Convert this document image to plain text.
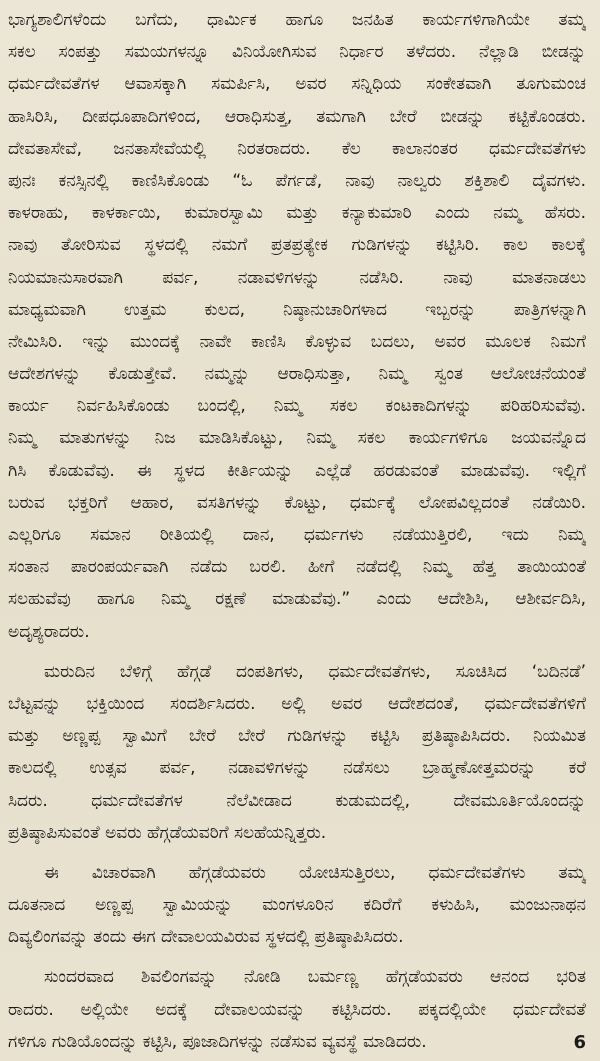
ಭಾಗ್ಯಶಾಲಿಗಳೆಂದು ಬಗೆದು, ಧಾರ್ಮಿಕ ಹಾಗೂ ಜನಹಿತ ಕಾರ್ಯಗಳಿಗಾಗಿಯೇ ತಮ್ಮ
ಸಕಲ ಸಂಪತ್ತು ಸಮಯಗಳನ್ನೂ ವಿನಿಯೋಗಿಸುವ ನಿರ್ಧಾರ ತಳೆದರು. ನೆಲ್ಲಾಡಿ ಬೀಡನ್ನು
ಧರ್ಮದೇವತೆಗಳ ಆವಾಸಕ್ಕಾಗಿ ಸಮರ್ಪಿಸಿ, ಅವರ ಸನ್ನಿಧಿಯ ಸಂಕೇತವಾಗಿ ತೂಗುಮಂಚ
ಹಾಸಿರಿಸಿ, ದೀಪಧೂಪಾದಿಗಳಿಂದ, ಆರಾಧಿಸುತ್ತ, ತಮಗಾಗಿ ಬೇರೆ ಬೀಡನ್ನು ಕಟ್ಟಿಕೊಂಡರು.
ದೇವತಾಸೇವೆ, ಜನತಾಸೇವೆಯಲ್ಲಿ ನಿರತರಾದರು. ಕೆಲ ಕಾಲಾನಂತರ ಧರ್ಮದೇವತೆಗಳು
ಪುನಃ ಕನಸ್ಸಿನಲ್ಲಿ ಕಾಣಿಸಿಕೊಂಡು “ಓ ಪೆರ್ಗಡೆ, ನಾವು ನಾಲ್ವರು ಶಕ್ತಿಶಾಲಿ ದೈವಗಳು.
ಕಾಳರಾಹು, ಕಾಳರ್ಕಾಯಿ, ಕುಮಾರಸ್ವಾಮಿ ಮತ್ತು ಕನ್ಯಾಕುಮಾರಿ ಎಂದು ನಮ್ಮ ಹೆಸರು.
ನಾವು ತೋರಿಸುವ ಸ್ಥಳದಲ್ಲಿ ನಮಗೆ ಪ್ರತಪ್ರತ್ಯೇಕ ಗುಡಿಗಳನ್ನು ಕಟ್ಟಿಸಿರಿ. ಕಾಲ ಕಾಲಕ್ಕೆ
ನಿಯಮಾನುಸಾರವಾಗಿ ಪರ್ವ, ನಡಾವಳಿಗಳನ್ನು ನಡೆಸಿರಿ. ನಾವು ಮಾತನಾಡಲು
ಮಾಧ್ಯಮವಾಗಿ ಉತ್ತಮ ಕುಲದ, ನಿಷ್ಠಾನುಚಾರಿಗಳಾದ ಇಬ್ಬರನ್ನು ಪಾತ್ರಿಗಳನ್ನಾಗಿ
ನೇಮಿಸಿರಿ. ಇನ್ನು ಮುಂದಕ್ಕೆ ನಾವೇ ಕಾಣಿಸಿ ಕೊಳ್ಳುವ ಬದಲು, ಅವರ ಮೂಲಕ ನಿಮಗೆ
ಆದೇಶಗಳನ್ನು ಕೊಡುತ್ತೇವೆ. ನಮ್ಮನ್ನು ಆರಾಧಿಸುತ್ತಾ, ನಿಮ್ಮ ಸ್ವಂತ ಆಲೋಚನೆಯಂತೆ
ಕಾರ್ಯ ನಿರ್ವಹಿಸಿಕೊಂಡು ಬಂದಲ್ಲಿ, ನಿಮ್ಮ ಸಕಲ ಕಂಟಕಾದಿಗಳನ್ನು ಪರಿಹರಿಸುವೆವು.
ನಿಮ್ಮ ಮಾತುಗಳನ್ನು ನಿಜ ಮಾಡಿಸಿಕೊಟ್ಟು, ನಿಮ್ಮ ಸಕಲ ಕಾರ್ಯಗಳಿಗೂ ಜಯವನ್ನೊದ
ಗಿಸಿ ಕೊಡುವೆವು. ಈ ಸ್ಥಳದ ಕೀರ್ತಿಯನ್ನು ಎಲ್ಲೆಡೆ ಹರಡುವಂತೆ ಮಾಡುವೆವು. ಇಲ್ಲಿಗೆ
ಬರುವ ಭಕ್ತರಿಗೆ ಆಹಾರ, ವಸತಿಗಳನ್ನು ಕೊಟ್ಟು, ಧರ್ಮಕ್ಕೆ ಲೋಪವಿಲ್ಲದಂತೆ ನಡೆಯಿರಿ.
ಎಲ್ಲರಿಗೂ ಸಮಾನ ರೀತಿಯಲ್ಲಿ ದಾನ, ಧರ್ಮಗಳು ನಡೆಯುತ್ತಿರಲಿ, ಇದು ನಿಮ್ಮ
ಸಂತಾನ ಪಾರಂಪರ್ಯವಾಗಿ ನಡೆದು ಬರಲಿ. ಹೀಗೆ ನಡೆದಲ್ಲಿ ನಿಮ್ಮ ಹೆತ್ತ ತಾಯಿಯಂತೆ
ಸಲಹುವೆವು ಹಾಗೂ ನಿಮ್ಮ ರಕ್ಷಣೆ ಮಾಡುವೆವು.” ಎಂದು ಆದೇಶಿಸಿ, ಆಶೀರ್ವದಿಸಿ,
ಅದೃಶ್ಯರಾದರು.
ಮರುದಿನ ಬೆಳಿಗ್ಗೆ ಹೆಗ್ಗಡೆ ದಂಪತಿಗಳು, ಧರ್ಮದೇವತೆಗಳು, ಸೂಚಿಸಿದ ‘ಬದಿನಡೆ’
ಬೆಟ್ಟವನ್ನು ಭಕ್ತಿಯಿಂದ ಸಂದರ್ಶಿಸಿದರು. ಅಲ್ಲಿ ಅವರ ಆದೇಶದಂತೆ, ಧರ್ಮದೇವತೆಗಳಿಗೆ
ಮತ್ತು ಅಣ್ಣಪ್ಪ ಸ್ವಾಮಿಗೆ ಬೇರೆ ಬೇರೆ ಗುಡಿಗಳನ್ನು ಕಟ್ಟಿಸಿ ಪ್ರತಿಷ್ಠಾಪಿಸಿದರು. ನಿಯಮಿತ
ಕಾಲದಲ್ಲಿ ಉತ್ಸವ ಪರ್ವ, ನಡಾವಳಿಗಳನ್ನು ನಡೆಸಲು ಬ್ರಾಹ್ಮಣೋತ್ತಮರನ್ನು ಕರೆ
ಸಿದರು. ಧರ್ಮದೇವತೆಗಳ ನೆಲೆವೀಡಾದ ಕುಡುಮದಲ್ಲಿ, ದೇವಮೂರ್ತಿಯೊಂದನ್ನು
ಪ್ರತಿಷ್ಠಾಪಿಸುವಂತೆ ಅವರು ಹೆಗ್ಗಡೆಯವರಿಗೆ ಸಲಹೆಯನ್ನಿತ್ತರು.
ಈ ವಿಚಾರವಾಗಿ ಹೆಗ್ಗಡೆಯವರು ಯೋಚಿಸುತ್ತಿರಲು, ಧರ್ಮದೇವತೆಗಳು ತಮ್ಮ
ದೂತನಾದ ಅಣ್ಣಪ್ಪ ಸ್ವಾಮಿಯನ್ನು ಮಂಗಳೂರಿನ ಕದಿರೆಗೆ ಕಳುಹಿಸಿ, ಮಂಜುನಾಥನ
ದಿವ್ಯಲಿಂಗವನ್ನು ತಂದು ಈಗ ದೇವಾಲಯವಿರುವ ಸ್ಥಳದಲ್ಲಿ ಪ್ರತಿಷ್ಠಾಪಿಸಿದರು.
ಸುಂದರವಾದ ಶಿವಲಿಂಗವನ್ನು ನೋಡಿ ಬರ್ಮಣ್ಣ ಹೆಗ್ಗಡೆಯವರು ಆನಂದ ಭರಿತ
ರಾದರು. ಅಲ್ಲಿಯೇ ಅದಕ್ಕೆ ದೇವಾಲಯವನ್ನು ಕಟ್ಟಿಸಿದರು. ಪಕ್ಕದಲ್ಲಿಯೇ ಧರ್ಮದೇವತೆ
ಗಳಿಗೂ ಗುಡಿಯೊಂದನ್ನು ಕಟ್ಟಿಸಿ, ಪೂಜಾದಿಗಳನ್ನು ನಡೆಸುವ ವ್ಯವಸ್ಥೆ ಮಾಡಿದರು.	6
